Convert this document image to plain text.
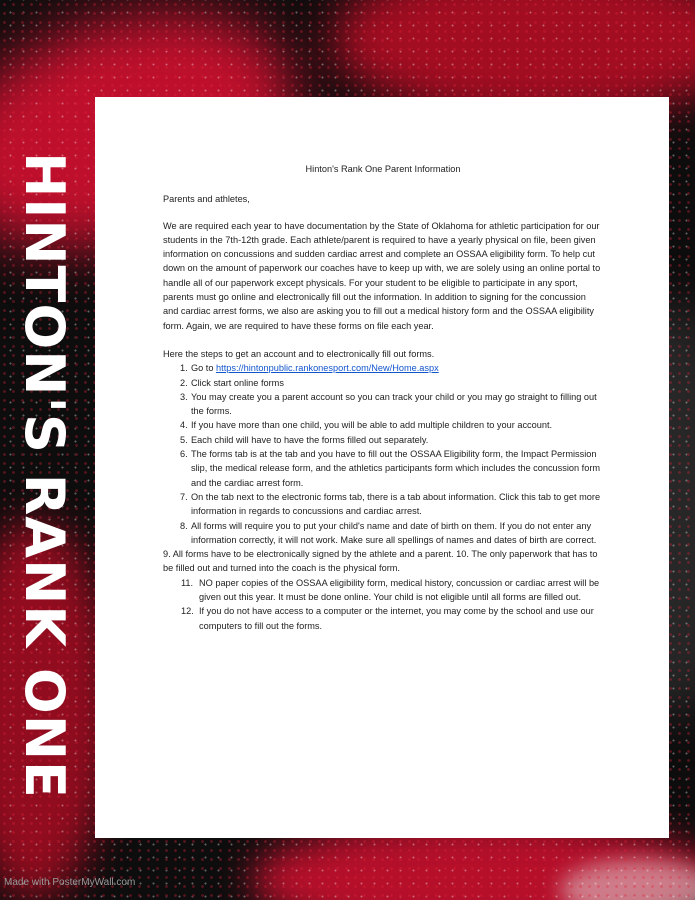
HINTON'S RANK ONE	Hinton's Rank One Parent Information

Parents and athletes,

We are required each year to have documentation by the State of Oklahoma for athletic participation for our students in the 7th-12th grade. Each athlete/parent is required to have a yearly physical on file, been given information on concussions and sudden cardiac arrest and complete an OSSAA eligibility form. To help cut down on the amount of paperwork our coaches have to keep up with, we are solely using an online portal to handle all of our paperwork except physicals. For your student to be eligible to participate in any sport, parents must go online and electronically fill out the information. In addition to signing for the concussion and cardiac arrest forms, we also are asking you to fill out a medical history form and the OSSAA eligibility form. Again, we are required to have these forms on file each year.

Here the steps to get an account and to electronically fill out forms.

1. Go to https://hintonpublic.rankonesport.com/New/Home.aspx
2. Click start online forms
3. You may create you a parent account so you can track your child or you may go straight to filling out the forms.
4. If you have more than one child, you will be able to add multiple children to your account.
5. Each child will have to have the forms filled out separately.
6. The forms tab is at the tab and you have to fill out the OSSAA Eligibility form, the Impact Permission slip, the medical release form, and the athletics participants form which includes the concussion form and the cardiac arrest form.
7. On the tab next to the electronic forms tab, there is a tab about information. Click this tab to get more information in regards to concussions and cardiac arrest.
8. All forms will require you to put your child's name and date of birth on them. If you do not enter any information correctly, it will not work. Make sure all spellings of names and dates of birth are correct.
9. All forms have to be electronically signed by the athlete and a parent. 10. The only paperwork that has to be filled out and turned into the coach is the physical form.
11. NO paper copies of the OSSAA eligibility form, medical history, concussion or cardiac arrest will be given out this year. It must be done online. Your child is not eligible until all forms are filled out.
12. If you do not have access to a computer or the internet, you may come by the school and use our computers to fill out the forms.
Made with PosterMyWall.com
